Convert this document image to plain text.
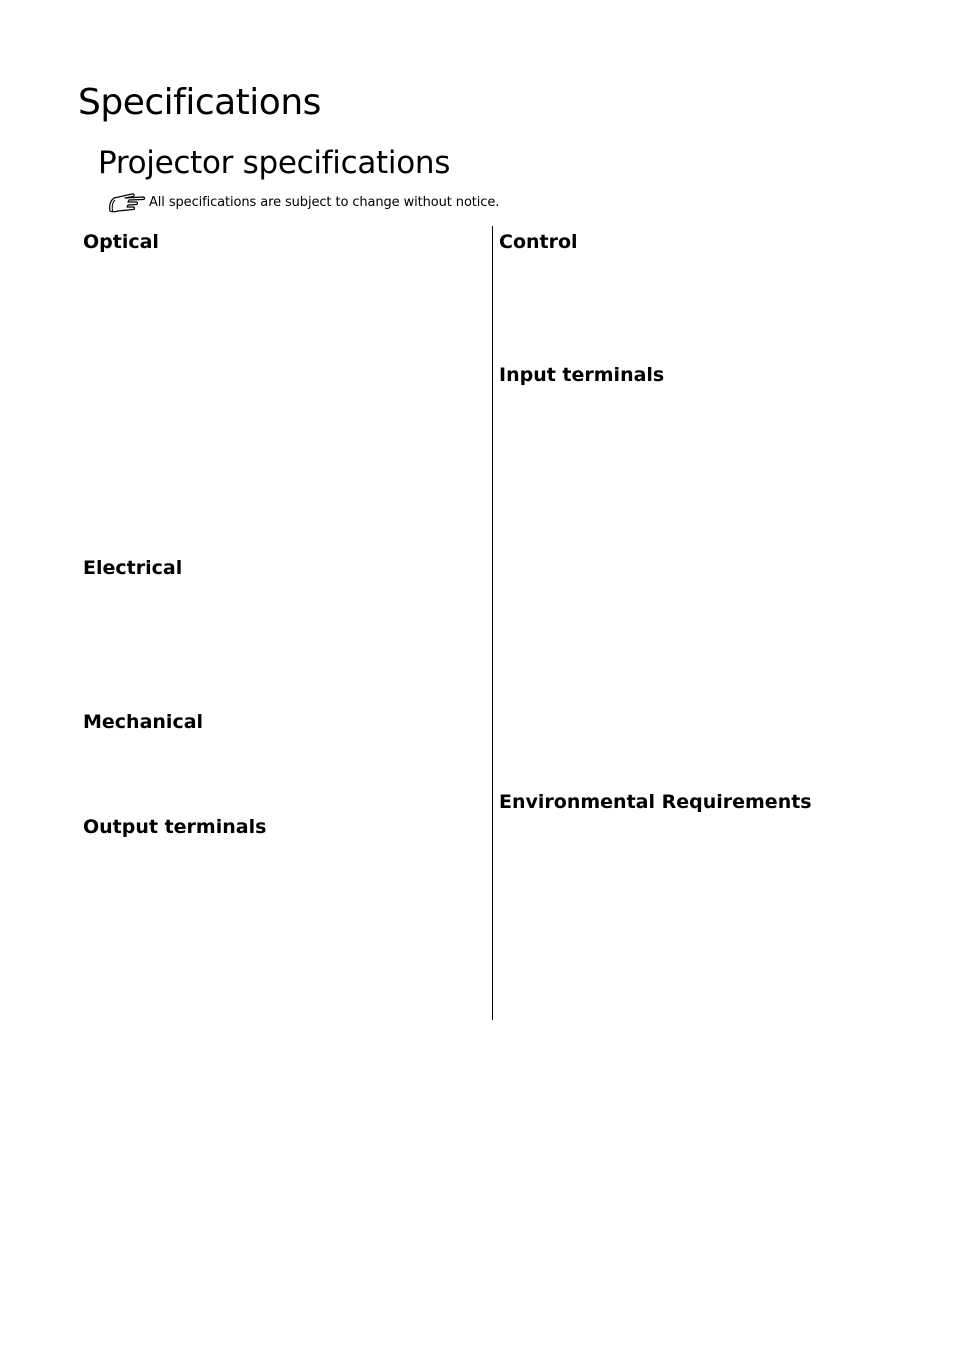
Specifications
Projector specifications
All specifications are subject to change without notice.
Optical
Electrical
Mechanical
Output terminals
Control
Input terminals
Environmental Requirements
